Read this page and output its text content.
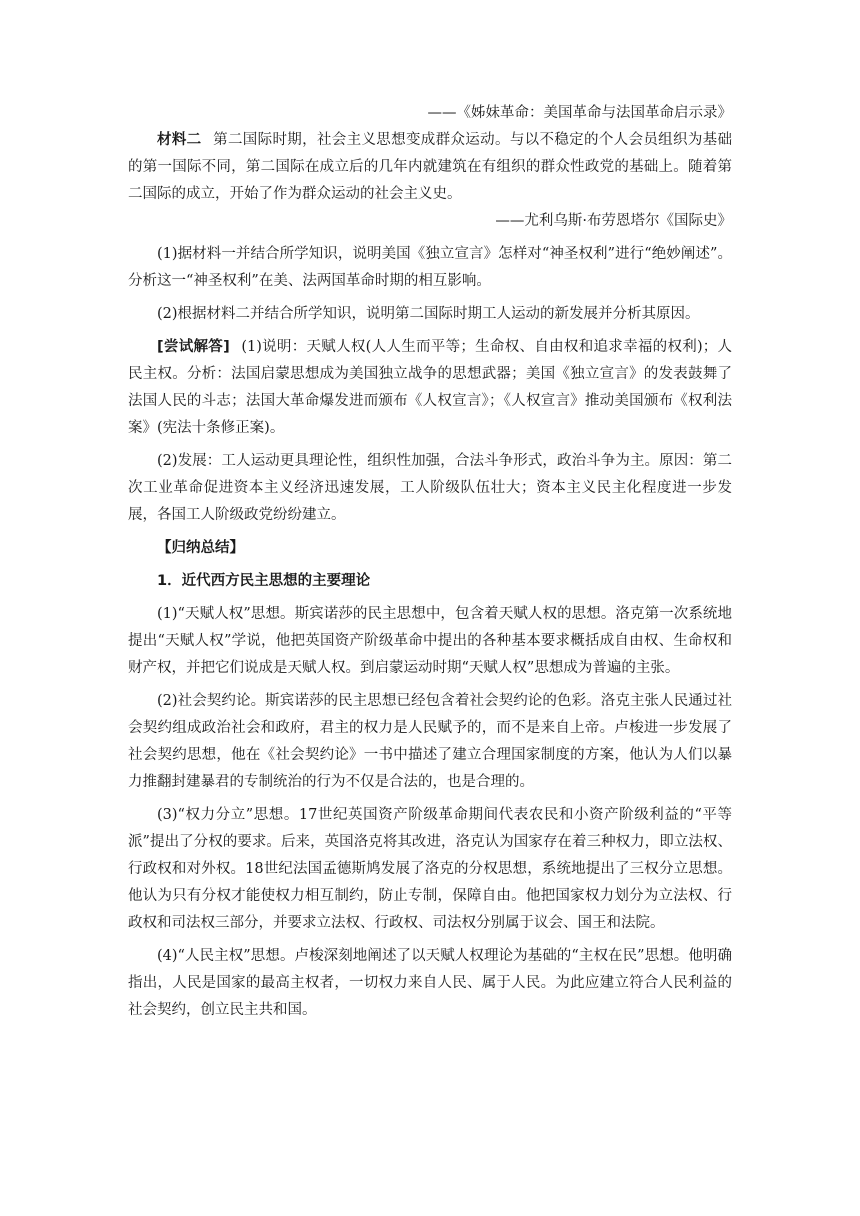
——《姊妹革命：美国革命与法国革命启示录》

材料二 第二国际时期，社会主义思想变成群众运动。与以不稳定的个人会员组织为基础的第一国际不同，第二国际在成立后的几年内就建筑在有组织的群众性政党的基础上。随着第二国际的成立，开始了作为群众运动的社会主义史。

——尤利乌斯·布劳恩塔尔《国际史》

(1)据材料一并结合所学知识，说明美国《独立宣言》怎样对“神圣权利”进行“绝妙阐述”。分析这一“神圣权利”在美、法两国革命时期的相互影响。

(2)根据材料二并结合所学知识，说明第二国际时期工人运动的新发展并分析其原因。

[尝试解答] (1)说明：天赋人权(人人生而平等；生命权、自由权和追求幸福的权利)；人民主权。分析：法国启蒙思想成为美国独立战争的思想武器；美国《独立宣言》的发表鼓舞了法国人民的斗志；法国大革命爆发进而颁布《人权宣言》；《人权宣言》推动美国颁布《权利法案》(宪法十条修正案)。

(2)发展：工人运动更具理论性，组织性加强，合法斗争形式，政治斗争为主。原因：第二次工业革命促进资本主义经济迅速发展，工人阶级队伍壮大；资本主义民主化程度进一步发展，各国工人阶级政党纷纷建立。

【归纳总结】

1．近代西方民主思想的主要理论

(1)“天赋人权”思想。斯宾诺莎的民主思想中，包含着天赋人权的思想。洛克第一次系统地提出“天赋人权”学说，他把英国资产阶级革命中提出的各种基本要求概括成自由权、生命权和财产权，并把它们说成是天赋人权。到启蒙运动时期“天赋人权”思想成为普遍的主张。

(2)社会契约论。斯宾诺莎的民主思想已经包含着社会契约论的色彩。洛克主张人民通过社会契约组成政治社会和政府，君主的权力是人民赋予的，而不是来自上帝。卢梭进一步发展了社会契约思想，他在《社会契约论》一书中描述了建立合理国家制度的方案，他认为人们以暴力推翻封建暴君的专制统治的行为不仅是合法的，也是合理的。

(3)“权力分立”思想。17世纪英国资产阶级革命期间代表农民和小资产阶级利益的“平等派”提出了分权的要求。后来，英国洛克将其改进，洛克认为国家存在着三种权力，即立法权、行政权和对外权。18世纪法国孟德斯鸠发展了洛克的分权思想，系统地提出了三权分立思想。他认为只有分权才能使权力相互制约，防止专制，保障自由。他把国家权力划分为立法权、行政权和司法权三部分，并要求立法权、行政权、司法权分别属于议会、国王和法院。

(4)“人民主权”思想。卢梭深刻地阐述了以天赋人权理论为基础的“主权在民”思想。他明确指出，人民是国家的最高主权者，一切权力来自人民、属于人民。为此应建立符合人民利益的社会契约，创立民主共和国。
